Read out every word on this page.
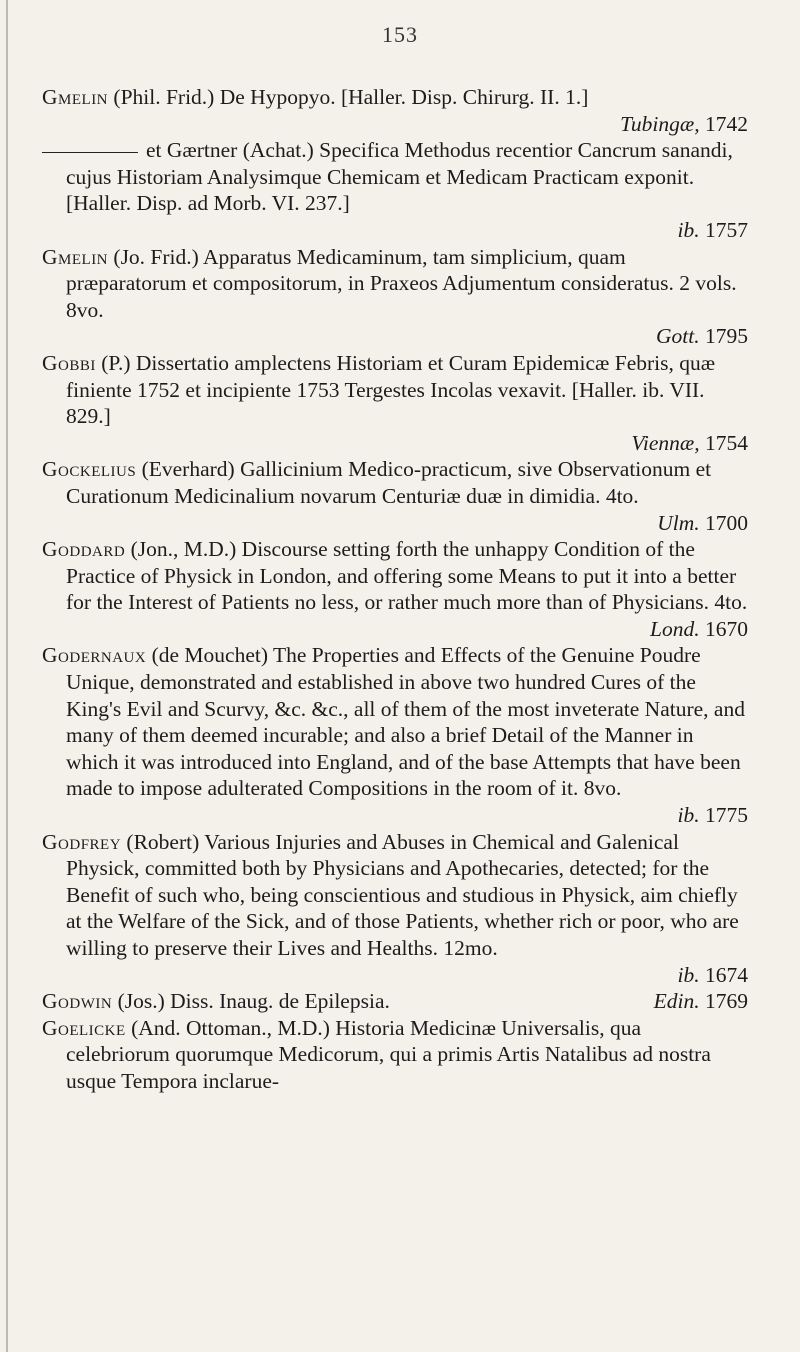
153
Gmelin (Phil. Frid.) De Hypopyo. [Haller. Disp. Chirurg. II. 1.]
Tubingæ, 1742
et Gærtner (Achat.) Specifica Methodus recentior Cancrum sanandi, cujus Historiam Analysimque Chemicam et Medicam Practicam exponit. [Haller. Disp. ad Morb. VI. 237.]
ib. 1757
Gmelin (Jo. Frid.) Apparatus Medicaminum, tam simplicium, quam præparatorum et compositorum, in Praxeos Adjumentum consideratus. 2 vols. 8vo.
Gott. 1795
Gobbi (P.) Dissertatio amplectens Historiam et Curam Epidemicæ Febris, quæ finiente 1752 et incipiente 1753 Tergestes Incolas vexavit. [Haller. ib. VII. 829.]
Viennæ, 1754
Gockelius (Everhard) Gallicinium Medico-practicum, sive Observationum et Curationum Medicinalium novarum Centuriæ duæ in dimidia. 4to.
Ulm. 1700
Goddard (Jon., M.D.) Discourse setting forth the unhappy Condition of the Practice of Physick in London, and offering some Means to put it into a better for the Interest of Patients no less, or rather much more than of Physicians. 4to.
Lond. 1670
Godernaux (de Mouchet) The Properties and Effects of the Genuine Poudre Unique, demonstrated and established in above two hundred Cures of the King's Evil and Scurvy, &c. &c., all of them of the most inveterate Nature, and many of them deemed incurable; and also a brief Detail of the Manner in which it was introduced into England, and of the base Attempts that have been made to impose adulterated Compositions in the room of it. 8vo.
ib. 1775
Godfrey (Robert) Various Injuries and Abuses in Chemical and Galenical Physick, committed both by Physicians and Apothecaries, detected; for the Benefit of such who, being conscientious and studious in Physick, aim chiefly at the Welfare of the Sick, and of those Patients, whether rich or poor, who are willing to preserve their Lives and Healths. 12mo.
ib. 1674
Godwin (Jos.) Diss. Inaug. de Epilepsia.	Edin. 1769
Goelicke (And. Ottoman., M.D.) Historia Medicinæ Universalis, qua celebriorum quorumque Medicorum, qui a primis Artis Natalibus ad nostra usque Tempora inclarue-
